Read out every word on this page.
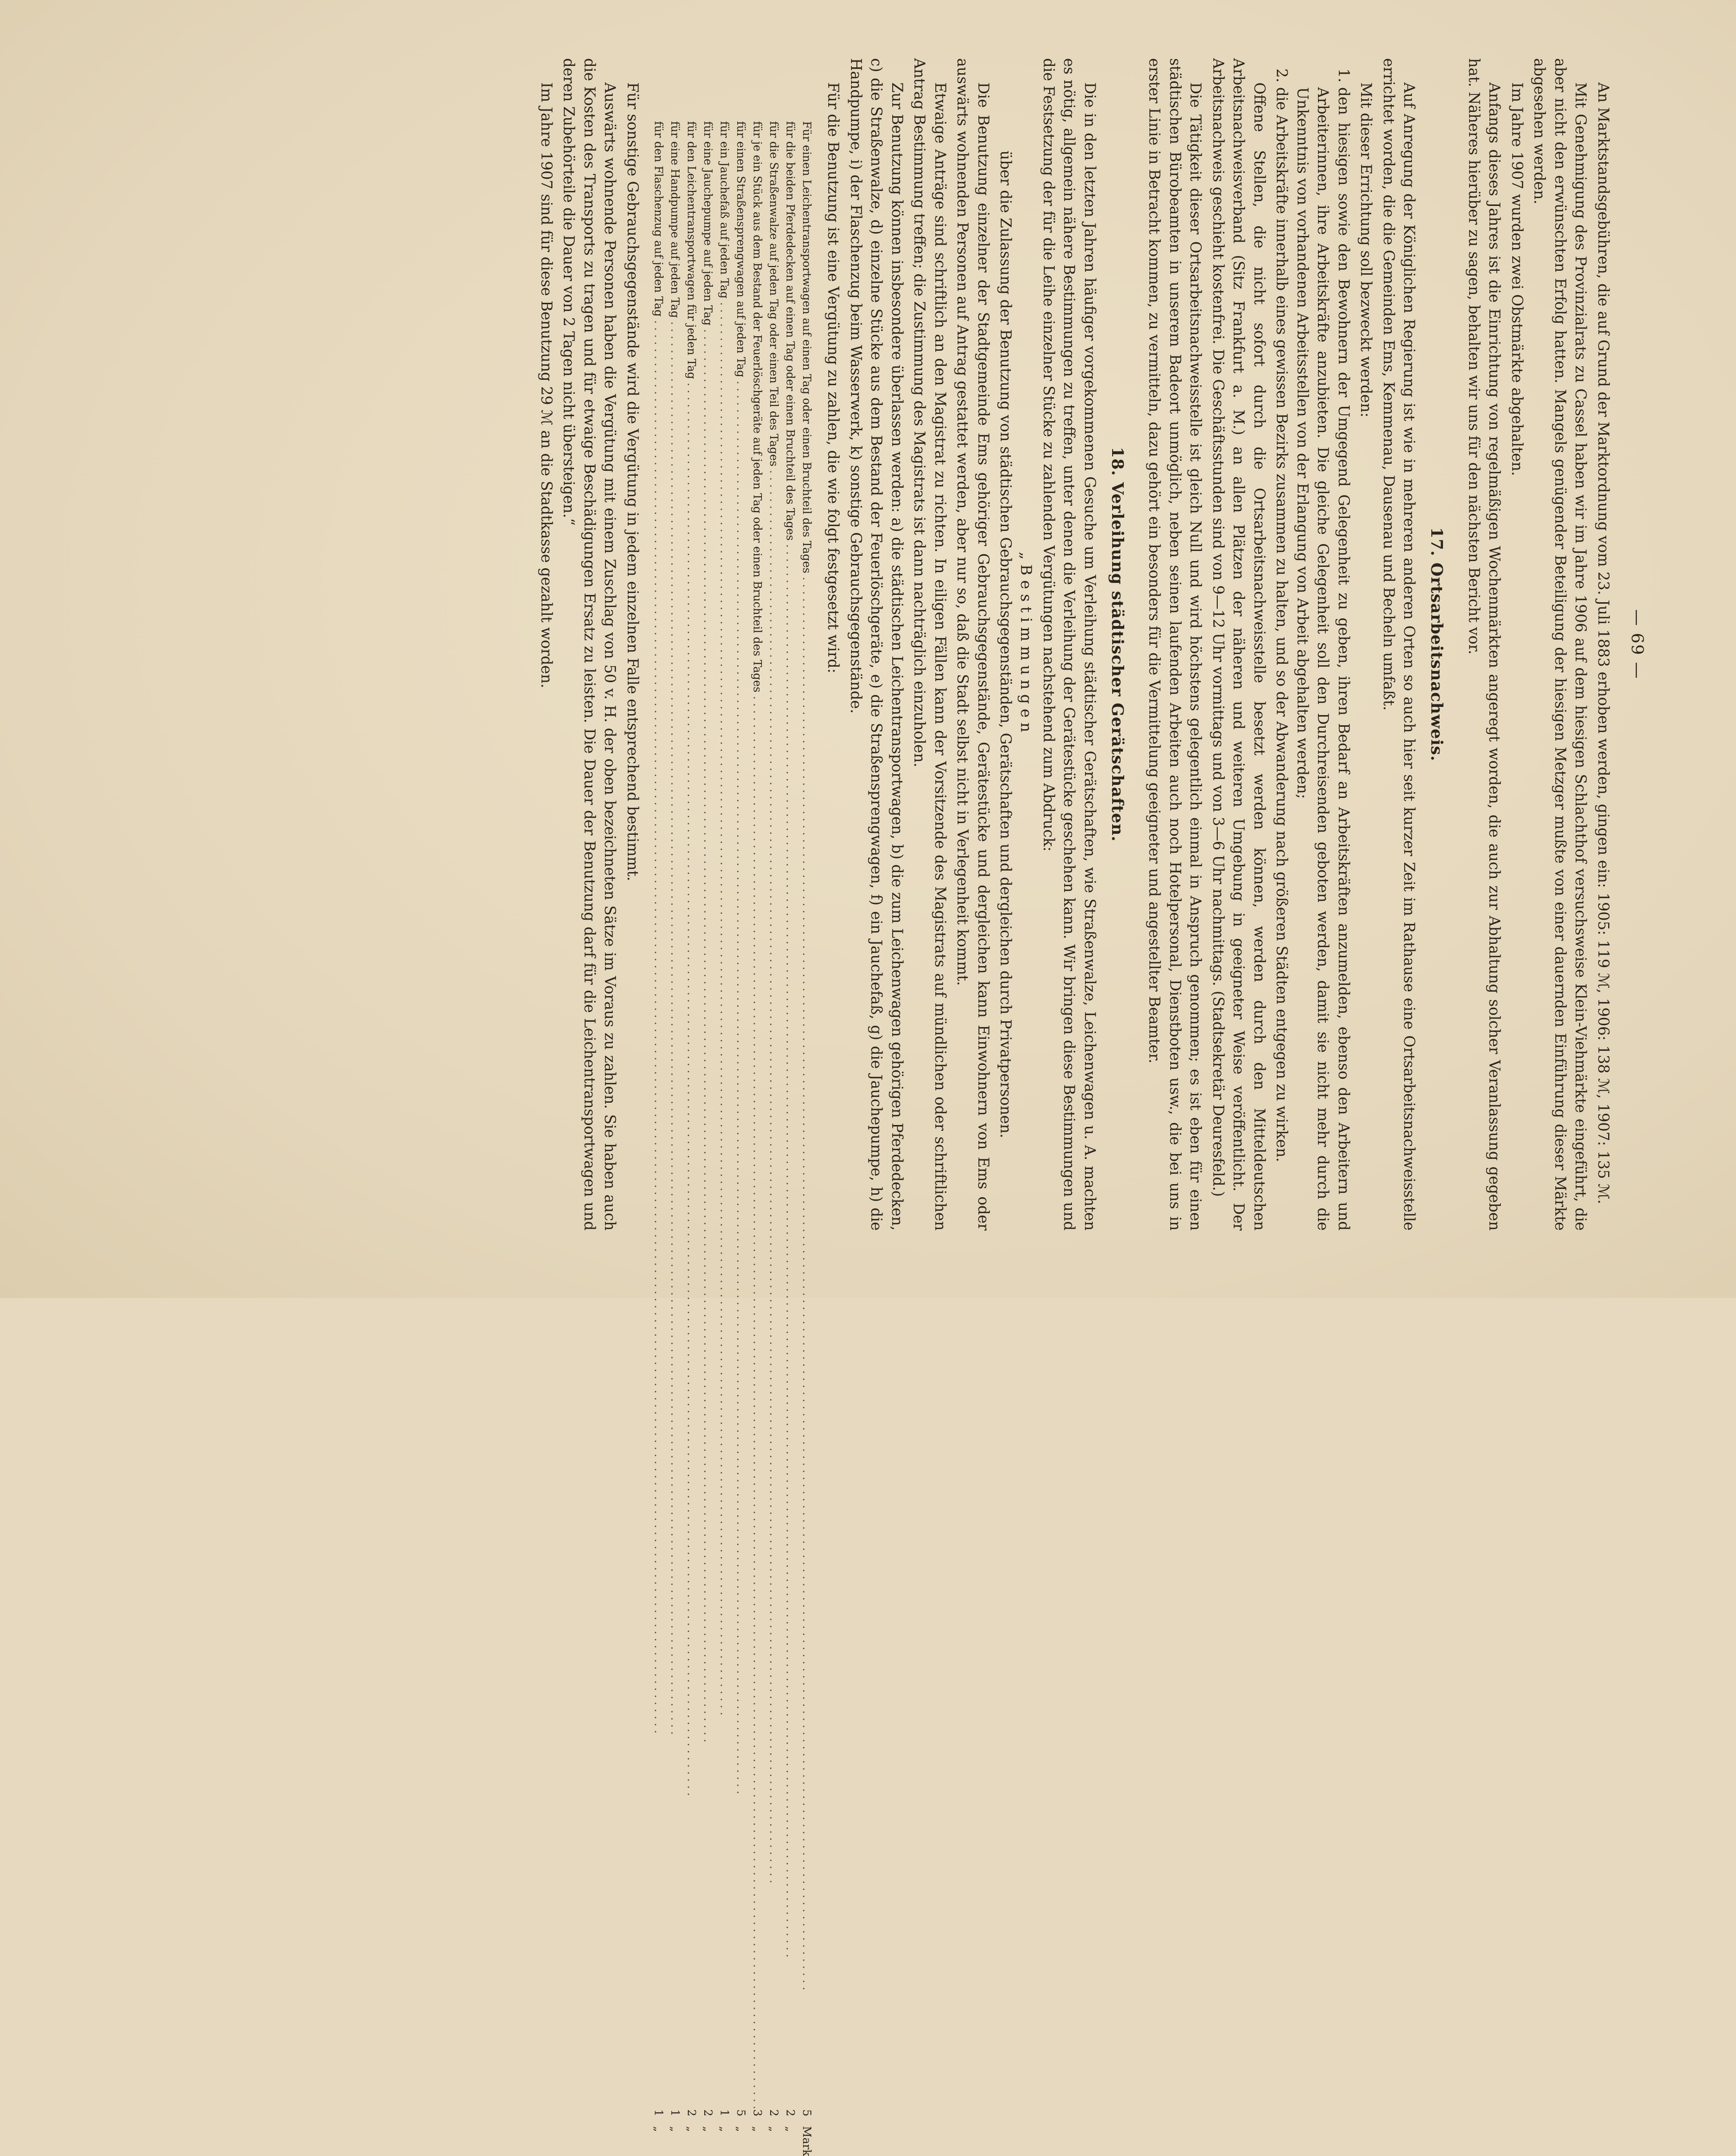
— 69 —

An Marktstandsgebühren, die auf Grund der Marktordnung vom 23. Juli 1883 erhoben werden, gingen ein: 1905: 119 ℳ, 1906: 138 ℳ, 1907: 135 ℳ.

Mit Genehmigung des Provinzialrats zu Cassel haben wir im Jahre 1906 auf dem hiesigen Schlachthof versuchsweise Klein-Viehmärkte eingeführt, die aber nicht den erwünschten Erfolg hatten. Mangels genügender Beteiligung der hiesigen Metzger mußte von einer dauernden Einführung dieser Märkte abgesehen werden.

Im Jahre 1907 wurden zwei Obstmärkte abgehalten.

Anfangs dieses Jahres ist die Einrichtung von regelmäßigen Wochenmärkten angeregt worden, die auch zur Abhaltung solcher Veranlassung gegeben hat. Näheres hierüber zu sagen, behalten wir uns für den nächsten Bericht vor.

17. Ortsarbeitsnachweis.

Auf Anregung der Königlichen Regierung ist wie in mehreren anderen Orten so auch hier seit kurzer Zeit im Rathause eine Ortsarbeitsnachweisstelle errichtet worden, die die Gemeinden Ems, Kemmenau, Dausenau und Becheln umfaßt.

Mit dieser Errichtung soll bezweckt werden:

1. den hiesigen sowie den Bewohnern der Umgegend Gelegenheit zu geben, ihren Bedarf an Arbeitskräften anzumelden, ebenso den Arbeitern und Arbeiterinnen, ihre Arbeitskräfte anzubieten. Die gleiche Gelegenheit soll den Durchreisenden geboten werden, damit sie nicht mehr durch die Unkenntnis von vorhandenen Arbeitsstellen von der Erlangung von Arbeit abgehalten werden;
2. die Arbeitskräfte innerhalb eines gewissen Bezirks zusammen zu halten, und so der Abwanderung nach größeren Städten entgegen zu wirken.

Offene Stellen, die nicht sofort durch die Ortsarbeitsnachweisstelle besetzt werden können, werden durch den Mitteldeutschen Arbeitsnachweisverband (Sitz Frankfurt a. M.) an allen Plätzen der näheren und weiteren Umgebung in geeigneter Weise veröffentlicht. Der Arbeitsnachweis geschieht kostenfrei. Die Geschäftsstunden sind von 9—12 Uhr vormittags und von 3—6 Uhr nachmittags. (Stadtsekretär Deuresfeld.)

Die Tätigkeit dieser Ortsarbeitsnachweisstelle ist gleich Null und wird höchstens gelegentlich einmal in Anspruch genommen; es ist eben für einen städtischen Bürobeamten in unserem Badeort unmöglich, neben seinen laufenden Arbeiten auch noch Hotelpersonal, Dienstboten usw., die bei uns in erster Linie in Betracht kommen, zu vermitteln, dazu gehört ein besonders für die Vermittelung geeigneter und angestellter Beamter.

18. Verleihung städtischer Gerätschaften.

Die in den letzten Jahren häufiger vorgekommenen Gesuche um Verleihung städtischer Gerätschaften, wie Straßenwalze, Leichenwagen u. A. machten es nötig, allgemein nähere Bestimmungen zu treffen, unter denen die Verleihung der Gerätestücke geschehen kann. Wir bringen diese Bestimmungen und die Festsetzung der für die Leihe einzelner Stücke zu zahlenden Vergütungen nachstehend zum Abdruck:

„Bestimmungen
über die Zulassung der Benutzung von städtischen Gebrauchsgegenständen, Gerätschaften und dergleichen durch Privatpersonen.

Die Benutzung einzelner der Stadtgemeinde Ems gehöriger Gebrauchsgegenstände, Gerätestücke und dergleichen kann Einwohnern von Ems oder auswärts wohnenden Personen auf Antrag gestattet werden, aber nur so, daß die Stadt selbst nicht in Verlegenheit kommt.

Etwaige Anträge sind schriftlich an den Magistrat zu richten. In eiligen Fällen kann der Vorsitzende des Magistrats auf mündlichen oder schriftlichen Antrag Bestimmung treffen; die Zustimmung des Magistrats ist dann nachträglich einzuholen.

Zur Benutzung können insbesondere überlassen werden: a) die städtischen Leichentransportwagen, b) die zum Leichenwagen gehörigen Pferdedecken, c) die Straßenwalze, d) einzelne Stücke aus dem Bestand der Feuerlöschgeräte, e) die Straßensprengwagen, f) ein Jauchefaß, g) die Jauchepumpe, h) die Handpumpe, i) der Flaschenzug beim Wasserwerk, k) sonstige Gebrauchsgegenstände.

Für die Benutzung ist eine Vergütung zu zahlen, die wie folgt festgesetzt wird:

Für einen Leichentransportwagen auf einen Tag oder einen Bruchteil des Tages . . . . . . . . . . . . . . . . . . . . . . . . . . . . . . . . . . . . . . . . . . . . . . . . . . . . . . . . . . . . . . . . . . . . . . . . . . . . . . . . . . . . . . . . . . . . . . . . . . . . . . . . . . . . . . . . . . . . . . . . . . . . . . . . . . . . . . . . . . . . . . . . . . . . . . . . . . . . . . . . . . . . . . . . . . . . . . . . . . . . . . . . . . . . . . . . . . . . . . . .	5	Mark
für die beiden Pferdedecken auf einen Tag oder einen Bruchteil des Tages . . . . . . . . . . . . . . . . . . . . . . . . . . . . . . . . . . . . . . . . . . . . . . . . . . . . . . . . . . . . . . . . . . . . . . . . . . . . . . . . . . . . . . . . . . . . . . . . . . . . . . . . . . . . . . . . . . . . . . . . . . . . . . . . . . . . . . . . . . . . . . . . . . . . . . . . . . . . . . . . . . . . . . . . . . . . . . . . . . . . . . . . . . . . . . . . . . . . . . . .	2	„
für die Straßenwalze auf jeden Tag oder einen Teil des Tages . . . . . . . . . . . . . . . . . . . . . . . . . . . . . . . . . . . . . . . . . . . . . . . . . . . . . . . . . . . . . . . . . . . . . . . . . . . . . . . . . . . . . . . . . . . . . . . . . . . . . . . . . . . . . . . . . . . . . . . . . . . . . . . . . . . . . . . . . . . . . . . . . . . . . . . . . . . . . . . . . . . . . . . . . . . . . . . . . . . . . . . . . . . . . . . . . . . . . . . .	2	„
für je ein Stück aus dem Bestand der Feuerlöschgeräte auf jeden Tag oder einen Bruchteil des Tages . . . . . . . . . . . . . . . . . . . . . . . . . . . . . . . . . . . . . . . . . . . . . . . . . . . . . . . . . . . . . . . . . . . . . . . . . . . . . . . . . . . . . . . . . . . . . . . . . . . . . . . . . . . . . . . . . . . . . . . . . . . . . . . . . . . . . . . . . . . . . . . . . . . . . . . . . . . . . . . . . . . . . . . . . . . . . . . . . . . . . . . . . . . . . . . . . . . . . . . .	3	„
für einen Straßensprengwagen auf jeden Tag . . . . . . . . . . . . . . . . . . . . . . . . . . . . . . . . . . . . . . . . . . . . . . . . . . . . . . . . . . . . . . . . . . . . . . . . . . . . . . . . . . . . . . . . . . . . . . . . . . . . . . . . . . . . . . . . . . . . . . . . . . . . . . . . . . . . . . . . . . . . . . . . . . . . . . . . . . . . . . . . . . . . . . . . . . . . . . . . . . . . . . . . . . . . . . . . . . . . . . . .	5	„
für ein Jauchefaß auf jeden Tag . . . . . . . . . . . . . . . . . . . . . . . . . . . . . . . . . . . . . . . . . . . . . . . . . . . . . . . . . . . . . . . . . . . . . . . . . . . . . . . . . . . . . . . . . . . . . . . . . . . . . . . . . . . . . . . . . . . . . . . . . . . . . . . . . . . . . . . . . . . . . . . . . . . . . . . . . . . . . . . . . . . . . . . . . . . . . . . . . . . . . . . . . . . . . . . . . . . . . . . .	1	„
für eine Jauchepumpe auf jeden Tag . . . . . . . . . . . . . . . . . . . . . . . . . . . . . . . . . . . . . . . . . . . . . . . . . . . . . . . . . . . . . . . . . . . . . . . . . . . . . . . . . . . . . . . . . . . . . . . . . . . . . . . . . . . . . . . . . . . . . . . . . . . . . . . . . . . . . . . . . . . . . . . . . . . . . . . . . . . . . . . . . . . . . . . . . . . . . . . . . . . . . . . . . . . . . . . . . . . . . . . .	2	„
für den Leichentransportwagen für jeden Tag . . . . . . . . . . . . . . . . . . . . . . . . . . . . . . . . . . . . . . . . . . . . . . . . . . . . . . . . . . . . . . . . . . . . . . . . . . . . . . . . . . . . . . . . . . . . . . . . . . . . . . . . . . . . . . . . . . . . . . . . . . . . . . . . . . . . . . . . . . . . . . . . . . . . . . . . . . . . . . . . . . . . . . . . . . . . . . . . . . . . . . . . . . . . . . . . . . . . . . . .	2	„
für eine Handpumpe auf jeden Tag . . . . . . . . . . . . . . . . . . . . . . . . . . . . . . . . . . . . . . . . . . . . . . . . . . . . . . . . . . . . . . . . . . . . . . . . . . . . . . . . . . . . . . . . . . . . . . . . . . . . . . . . . . . . . . . . . . . . . . . . . . . . . . . . . . . . . . . . . . . . . . . . . . . . . . . . . . . . . . . . . . . . . . . . . . . . . . . . . . . . . . . . . . . . . . . . . . . . . . . .	1	„
für den Flaschenzug auf jeden Tag . . . . . . . . . . . . . . . . . . . . . . . . . . . . . . . . . . . . . . . . . . . . . . . . . . . . . . . . . . . . . . . . . . . . . . . . . . . . . . . . . . . . . . . . . . . . . . . . . . . . . . . . . . . . . . . . . . . . . . . . . . . . . . . . . . . . . . . . . . . . . . . . . . . . . . . . . . . . . . . . . . . . . . . . . . . . . . . . . . . . . . . . . . . . . . . . . . . . . . . .	1	„

Für sonstige Gebrauchsgegenstände wird die Vergütung in jedem einzelnen Falle entsprechend bestimmt.

Auswärts wohnende Personen haben die Vergütung mit einem Zuschlag von 50 v. H. der oben bezeichneten Sätze im Voraus zu zahlen. Sie haben auch die Kosten des Transports zu tragen und für etwaige Beschädigungen Ersatz zu leisten. Die Dauer der Benutzung darf für die Leichentransportwagen und deren Zubehörteile die Dauer von 2 Tagen nicht übersteigen.“

Im Jahre 1907 sind für diese Benutzung 29 ℳ an die Stadtkasse gezahlt worden.
